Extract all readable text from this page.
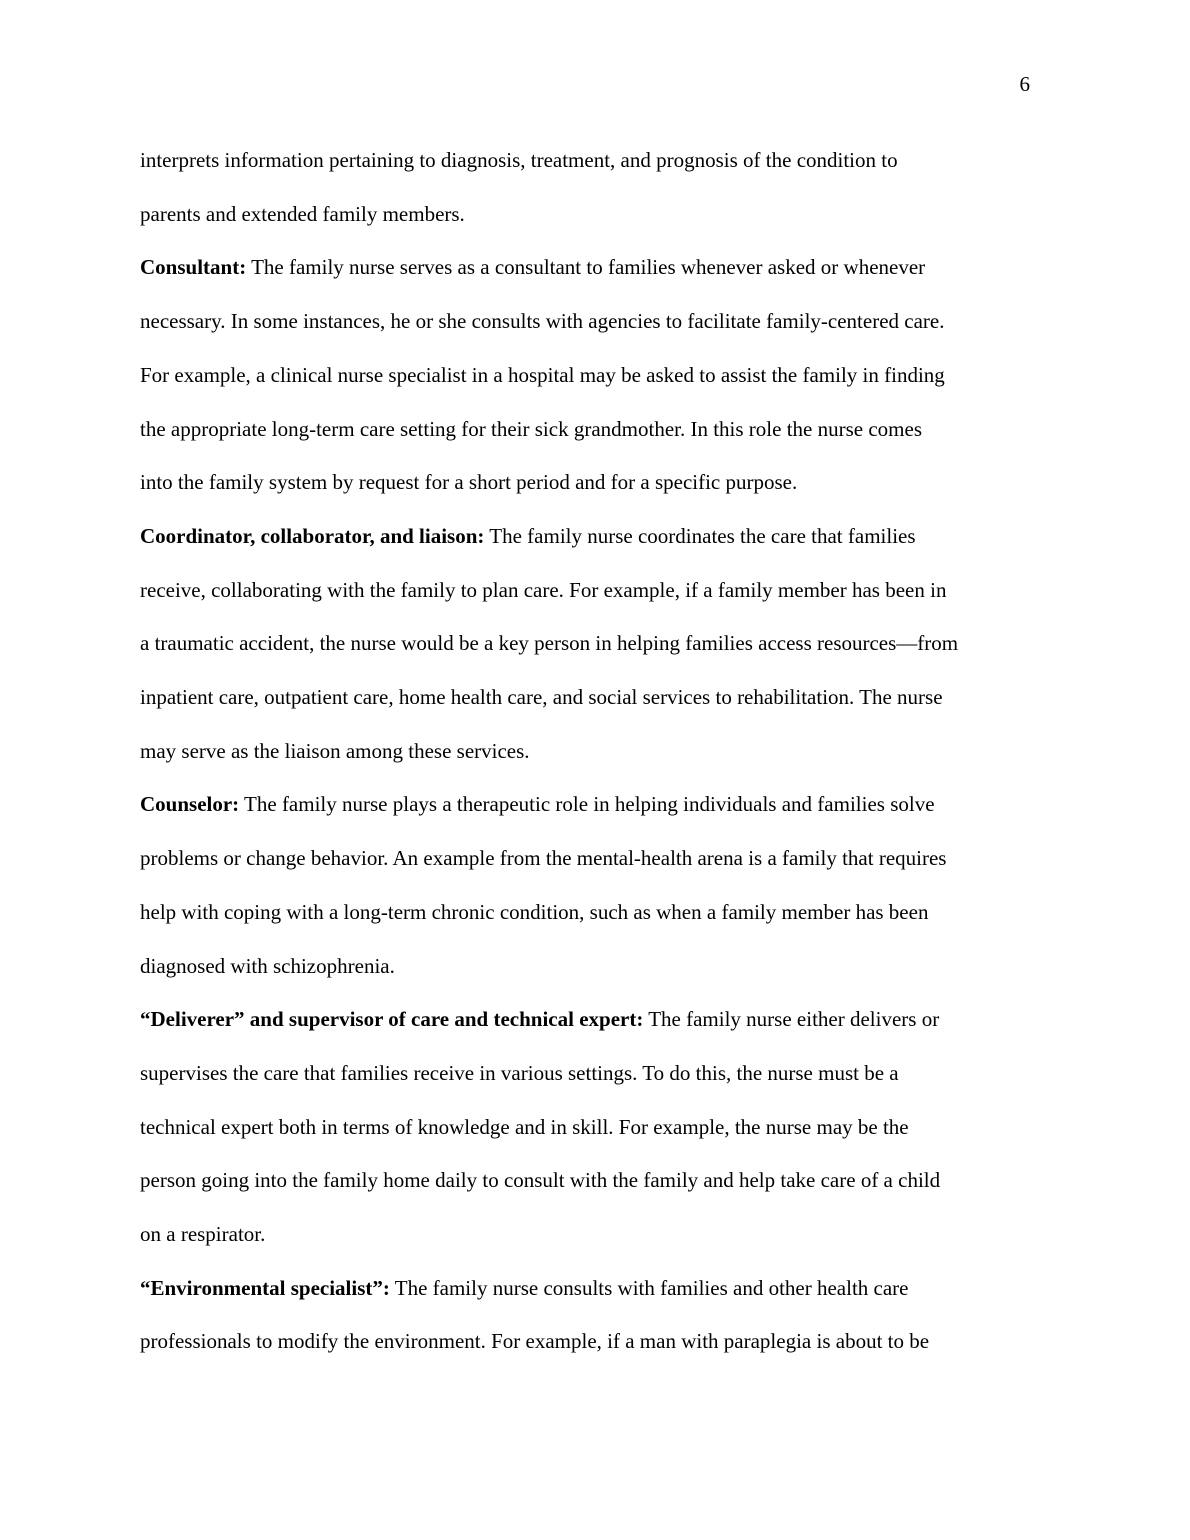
6

interprets information pertaining to diagnosis, treatment, and prognosis of the condition to
parents and extended family members.

Consultant: The family nurse serves as a consultant to families whenever asked or whenever
necessary. In some instances, he or she consults with agencies to facilitate family-centered care.
For example, a clinical nurse specialist in a hospital may be asked to assist the family in finding
the appropriate long-term care setting for their sick grandmother. In this role the nurse comes
into the family system by request for a short period and for a specific purpose.

Coordinator, collaborator, and liaison: The family nurse coordinates the care that families
receive, collaborating with the family to plan care. For example, if a family member has been in
a traumatic accident, the nurse would be a key person in helping families access resources—from
inpatient care, outpatient care, home health care, and social services to rehabilitation. The nurse
may serve as the liaison among these services.

Counselor: The family nurse plays a therapeutic role in helping individuals and families solve
problems or change behavior. An example from the mental-health arena is a family that requires
help with coping with a long-term chronic condition, such as when a family member has been
diagnosed with schizophrenia.

“Deliverer” and supervisor of care and technical expert: The family nurse either delivers or
supervises the care that families receive in various settings. To do this, the nurse must be a
technical expert both in terms of knowledge and in skill. For example, the nurse may be the
person going into the family home daily to consult with the family and help take care of a child
on a respirator.

“Environmental specialist”: The family nurse consults with families and other health care
professionals to modify the environment. For example, if a man with paraplegia is about to be
